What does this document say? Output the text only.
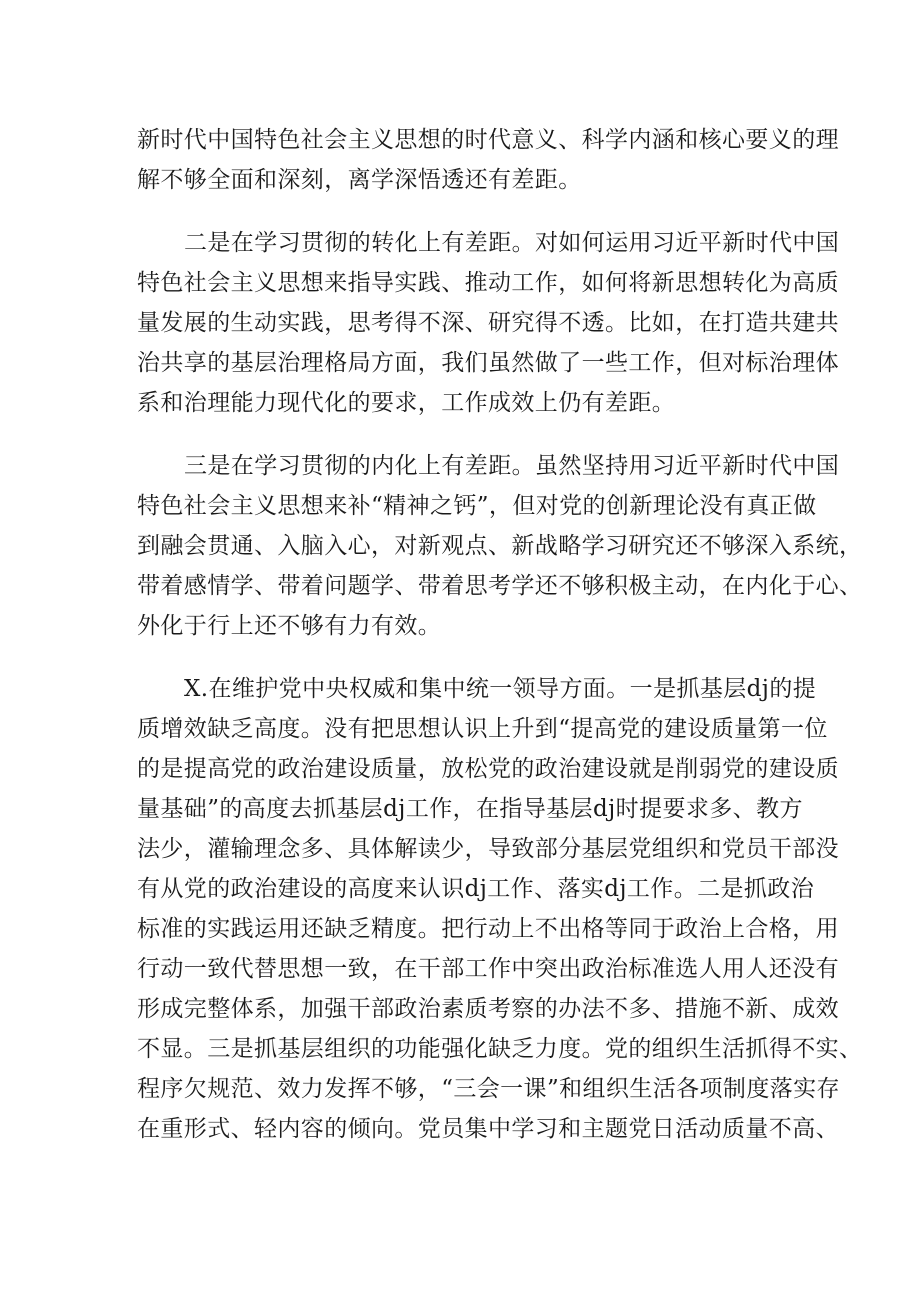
新时代中国特色社会主义思想的时代意义、科学内涵和核心要义的理
解不够全面和深刻，离学深悟透还有差距。
二是在学习贯彻的转化上有差距。对如何运用习近平新时代中国
特色社会主义思想来指导实践、推动工作，如何将新思想转化为高质
量发展的生动实践，思考得不深、研究得不透。比如，在打造共建共
治共享的基层治理格局方面，我们虽然做了一些工作，但对标治理体
系和治理能力现代化的要求，工作成效上仍有差距。
三是在学习贯彻的内化上有差距。虽然坚持用习近平新时代中国
特色社会主义思想来补“精神之钙”，但对党的创新理论没有真正做
到融会贯通、入脑入心，对新观点、新战略学习研究还不够深入系统，
带着感情学、带着问题学、带着思考学还不够积极主动，在内化于心、
外化于行上还不够有力有效。
X.在维护党中央权威和集中统一领导方面。一是抓基层dj的提
质增效缺乏高度。没有把思想认识上升到“提高党的建设质量第一位
的是提高党的政治建设质量，放松党的政治建设就是削弱党的建设质
量基础”的高度去抓基层dj工作，在指导基层dj时提要求多、教方
法少，灌输理念多、具体解读少，导致部分基层党组织和党员干部没
有从党的政治建设的高度来认识dj工作、落实dj工作。二是抓政治
标准的实践运用还缺乏精度。把行动上不出格等同于政治上合格，用
行动一致代替思想一致，在干部工作中突出政治标准选人用人还没有
形成完整体系，加强干部政治素质考察的办法不多、措施不新、成效
不显。三是抓基层组织的功能强化缺乏力度。党的组织生活抓得不实、
程序欠规范、效力发挥不够，“三会一课”和组织生活各项制度落实存
在重形式、轻内容的倾向。党员集中学习和主题党日活动质量不高、
